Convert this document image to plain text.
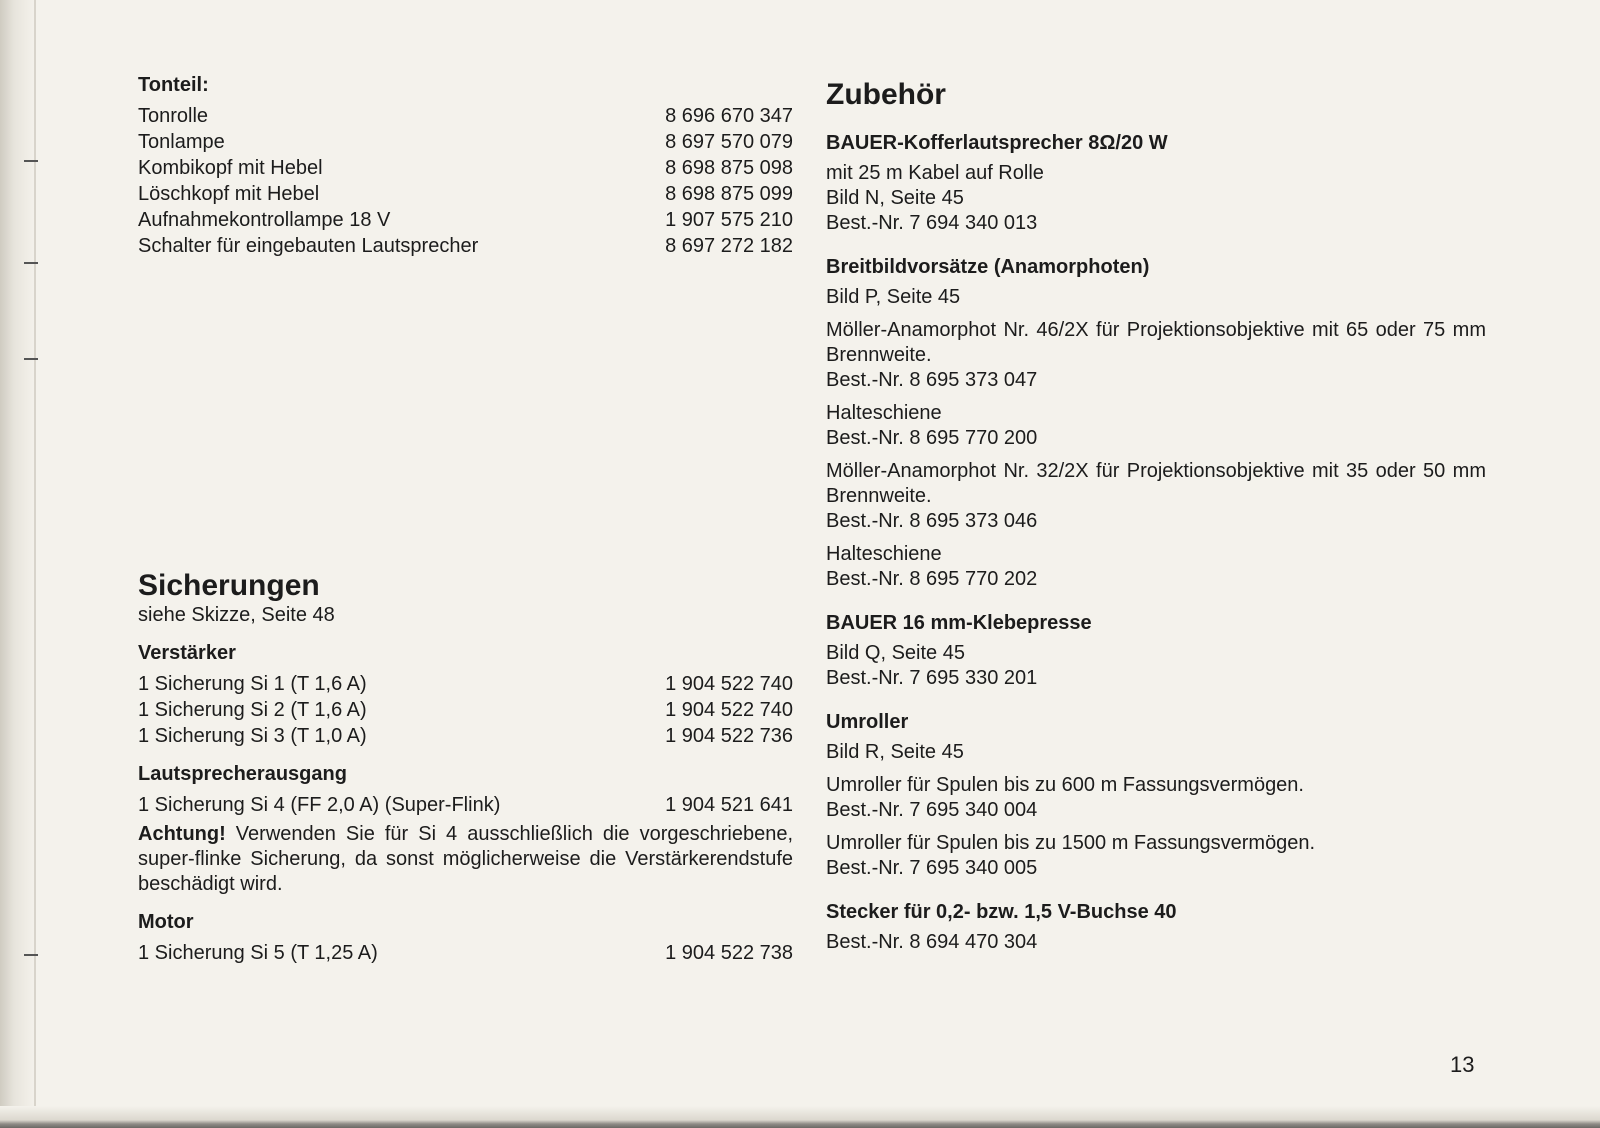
Tonteil:
Tonrolle	8 696 670 347
Tonlampe	8 697 570 079
Kombikopf mit Hebel	8 698 875 098
Löschkopf mit Hebel	8 698 875 099
Aufnahmekontrollampe 18 V	1 907 575 210
Schalter für eingebauten Lautsprecher	8 697 272 182
Sicherungen
siehe Skizze, Seite 48
Verstärker
1 Sicherung Si 1 (T 1,6 A)	1 904 522 740
1 Sicherung Si 2 (T 1,6 A)	1 904 522 740
1 Sicherung Si 3 (T 1,0 A)	1 904 522 736
Lautsprecherausgang
1 Sicherung Si 4 (FF 2,0 A) (Super-Flink)	1 904 521 641
Achtung! Verwenden Sie für Si 4 ausschließlich die vorgeschriebene, super-flinke Sicherung, da sonst möglicherweise die Verstärkerendstufe beschädigt wird.
Motor
1 Sicherung Si 5 (T 1,25 A)	1 904 522 738
Zubehör
BAUER-Kofferlautsprecher 8Ω/20 W
mit 25 m Kabel auf Rolle
Bild N, Seite 45
Best.-Nr. 7 694 340 013
Breitbildvorsätze (Anamorphoten)
Bild P, Seite 45
Möller-Anamorphot Nr. 46/2X für Projektionsobjektive mit 65 oder 75 mm Brennweite.
Best.-Nr. 8 695 373 047
Halteschiene
Best.-Nr. 8 695 770 200
Möller-Anamorphot Nr. 32/2X für Projektionsobjektive mit 35 oder 50 mm Brennweite.
Best.-Nr. 8 695 373 046
Halteschiene
Best.-Nr. 8 695 770 202
BAUER 16 mm-Klebepresse
Bild Q, Seite 45
Best.-Nr. 7 695 330 201
Umroller
Bild R, Seite 45
Umroller für Spulen bis zu 600 m Fassungsvermögen.
Best.-Nr. 7 695 340 004
Umroller für Spulen bis zu 1500 m Fassungsvermögen.
Best.-Nr. 7 695 340 005
Stecker für 0,2- bzw. 1,5 V-Buchse 40
Best.-Nr. 8 694 470 304
13
